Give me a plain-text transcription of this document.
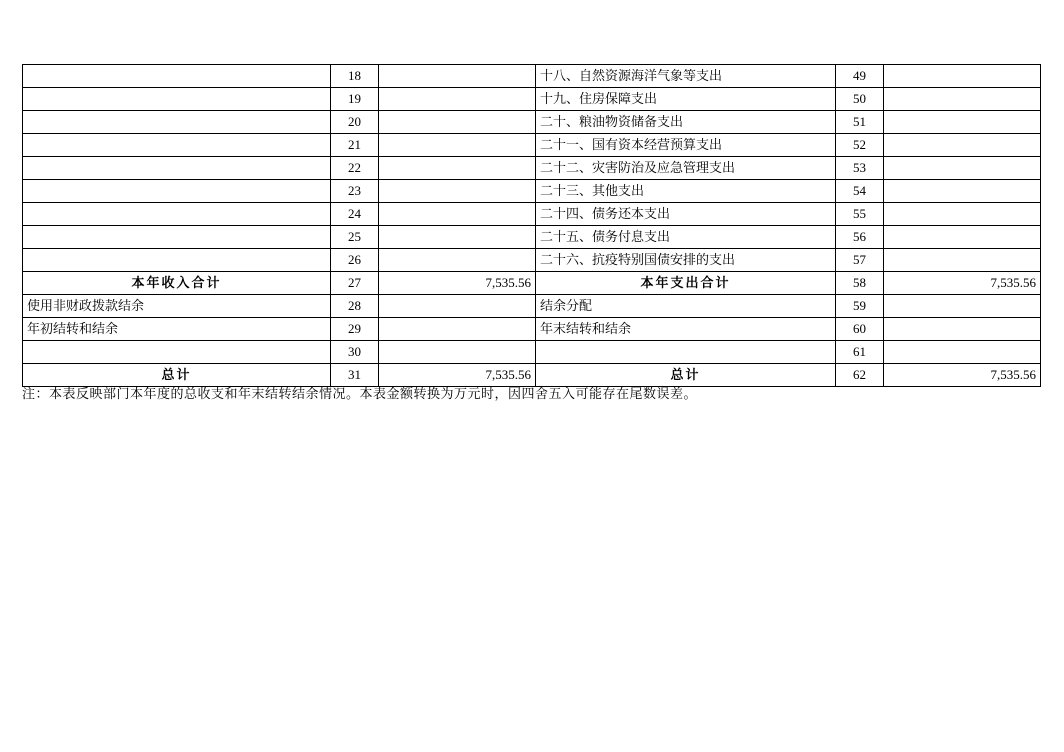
	18		十八、自然资源海洋气象等支出	49	
	19		十九、住房保障支出	50	
	20		二十、粮油物资储备支出	51	
	21		二十一、国有资本经营预算支出	52	
	22		二十二、灾害防治及应急管理支出	53	
	23		二十三、其他支出	54	
	24		二十四、债务还本支出	55	
	25		二十五、债务付息支出	56	
	26		二十六、抗疫特别国债安排的支出	57	
本年收入合计	27	7,535.56	本年支出合计	58	7,535.56
使用非财政拨款结余	28		结余分配	59	
年初结转和结余	29		年末结转和结余	60	
	30			61	
总计	31	7,535.56	总计	62	7,535.56
注：本表反映部门本年度的总收支和年末结转结余情况。本表金额转换为万元时，因四舍五入可能存在尾数误差。
